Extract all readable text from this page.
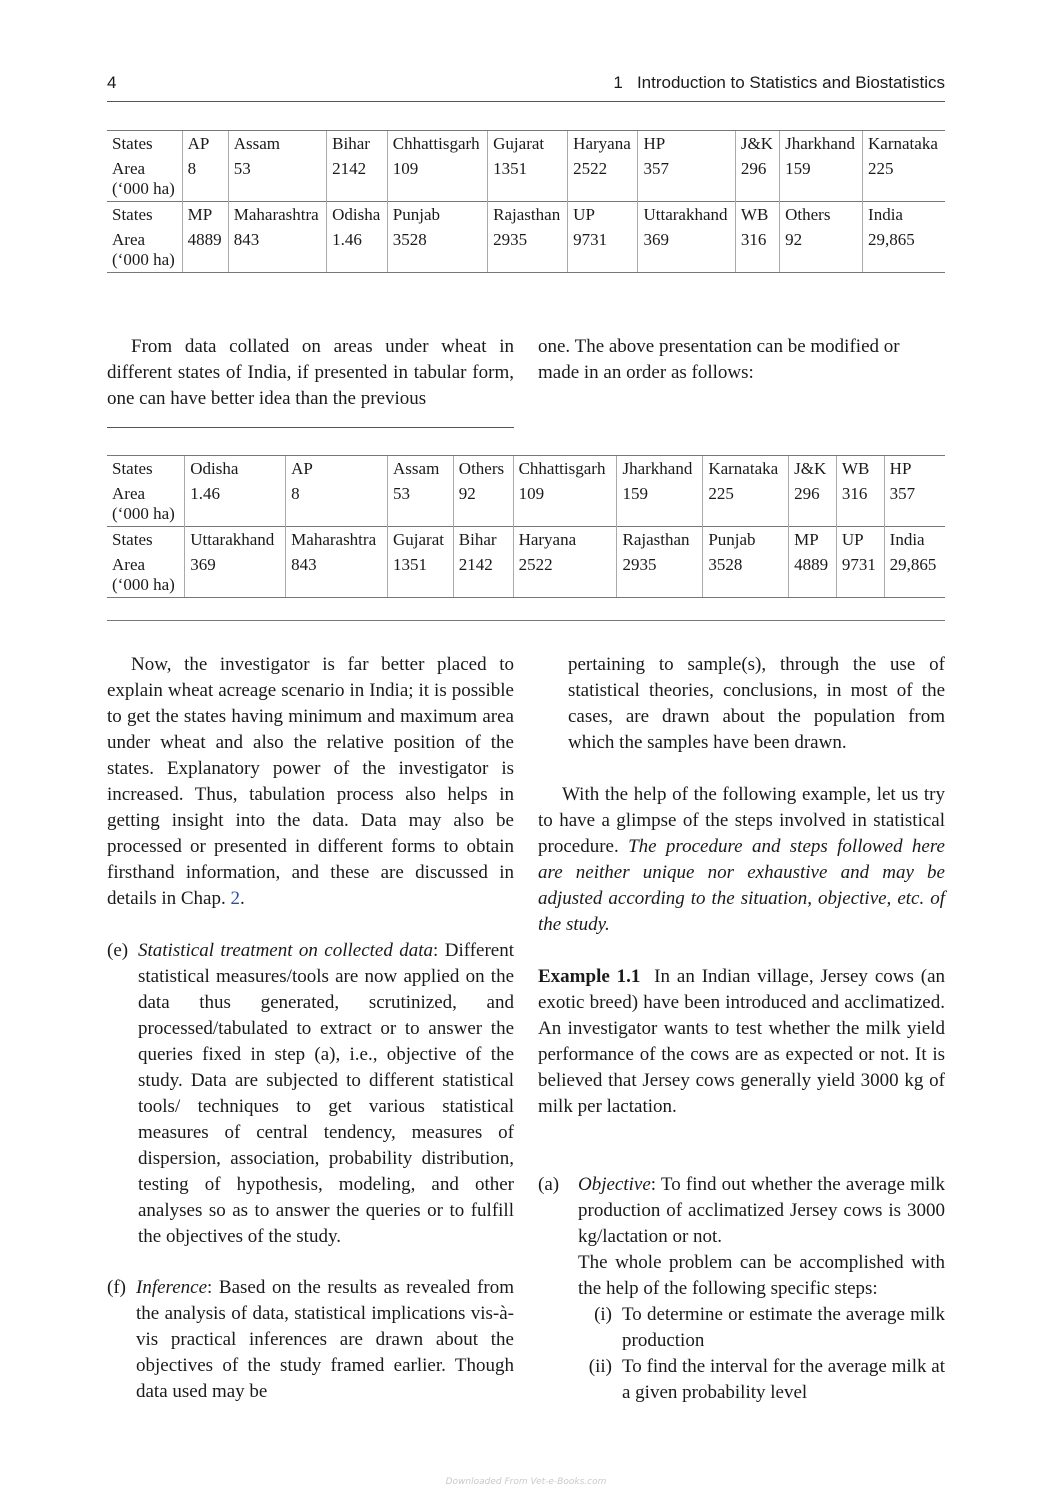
4	1   Introduction to Statistics and Biostatistics
States	AP	Assam	Bihar	Chhattisgarh	Gujarat	Haryana	HP	J&K	Jharkhand	Karnataka
Area
(‘000 ha)	8	53	2142	109	1351	2522	357	296	159	225
States	MP	Maharashtra	Odisha	Punjab	Rajasthan	UP	Uttarakhand	WB	Others	India
Area
(‘000 ha)	4889	843	1.46	3528	2935	9731	369	316	92	29,865

From data collated on areas under wheat in different states of India, if presented in tabular form, one can have better idea than the previous

one. The above presentation can be modified or made in an order as follows:

States	Odisha	AP	Assam	Others	Chhattisgarh	Jharkhand	Karnataka	J&K	WB	HP
Area
(‘000 ha)	1.46	8	53	92	109	159	225	296	316	357
States	Uttarakhand	Maharashtra	Gujarat	Bihar	Haryana	Rajasthan	Punjab	MP	UP	India
Area
(‘000 ha)	369	843	1351	2142	2522	2935	3528	4889	9731	29,865

Now, the investigator is far better placed to explain wheat acreage scenario in India; it is possible to get the states having minimum and maximum area under wheat and also the relative position of the states. Explanatory power of the investigator is increased. Thus, tabulation process also helps in getting insight into the data. Data may also be processed or presented in different forms to obtain firsthand information, and these are discussed in details in Chap. 2.

(e) Statistical treatment on collected data: Different statistical measures/tools are now applied on the data thus generated, scrutinized, and processed/tabulated to extract or to answer the queries fixed in step (a), i.e., objective of the study. Data are subjected to different statistical tools/ techniques to get various statistical measures of central tendency, measures of dispersion, association, probability distribution, testing of hypothesis, modeling, and other analyses so as to answer the queries or to fulfill the objectives of the study.
(f) Inference: Based on the results as revealed from the analysis of data, statistical implications vis-à-vis practical inferences are drawn about the objectives of the study framed earlier. Though data used may be

pertaining to sample(s), through the use of statistical theories, conclusions, in most of the cases, are drawn about the population from which the samples have been drawn.

With the help of the following example, let us try to have a glimpse of the steps involved in statistical procedure. The procedure and steps followed here are neither unique nor exhaustive and may be adjusted according to the situation, objective, etc. of the study.

Example 1.1  In an Indian village, Jersey cows (an exotic breed) have been introduced and acclimatized. An investigator wants to test whether the milk yield performance of the cows are as expected or not. It is believed that Jersey cows generally yield 3000 kg of milk per lactation.

(a) Objective: To find out whether the average milk production of acclimatized Jersey cows is 3000 kg/lactation or not.
The whole problem can be accomplished with the help of the following specific steps:
(i) To determine or estimate the average milk production
(ii) To find the interval for the average milk at a given probability level
Downloaded From Vet-e-Books.com
